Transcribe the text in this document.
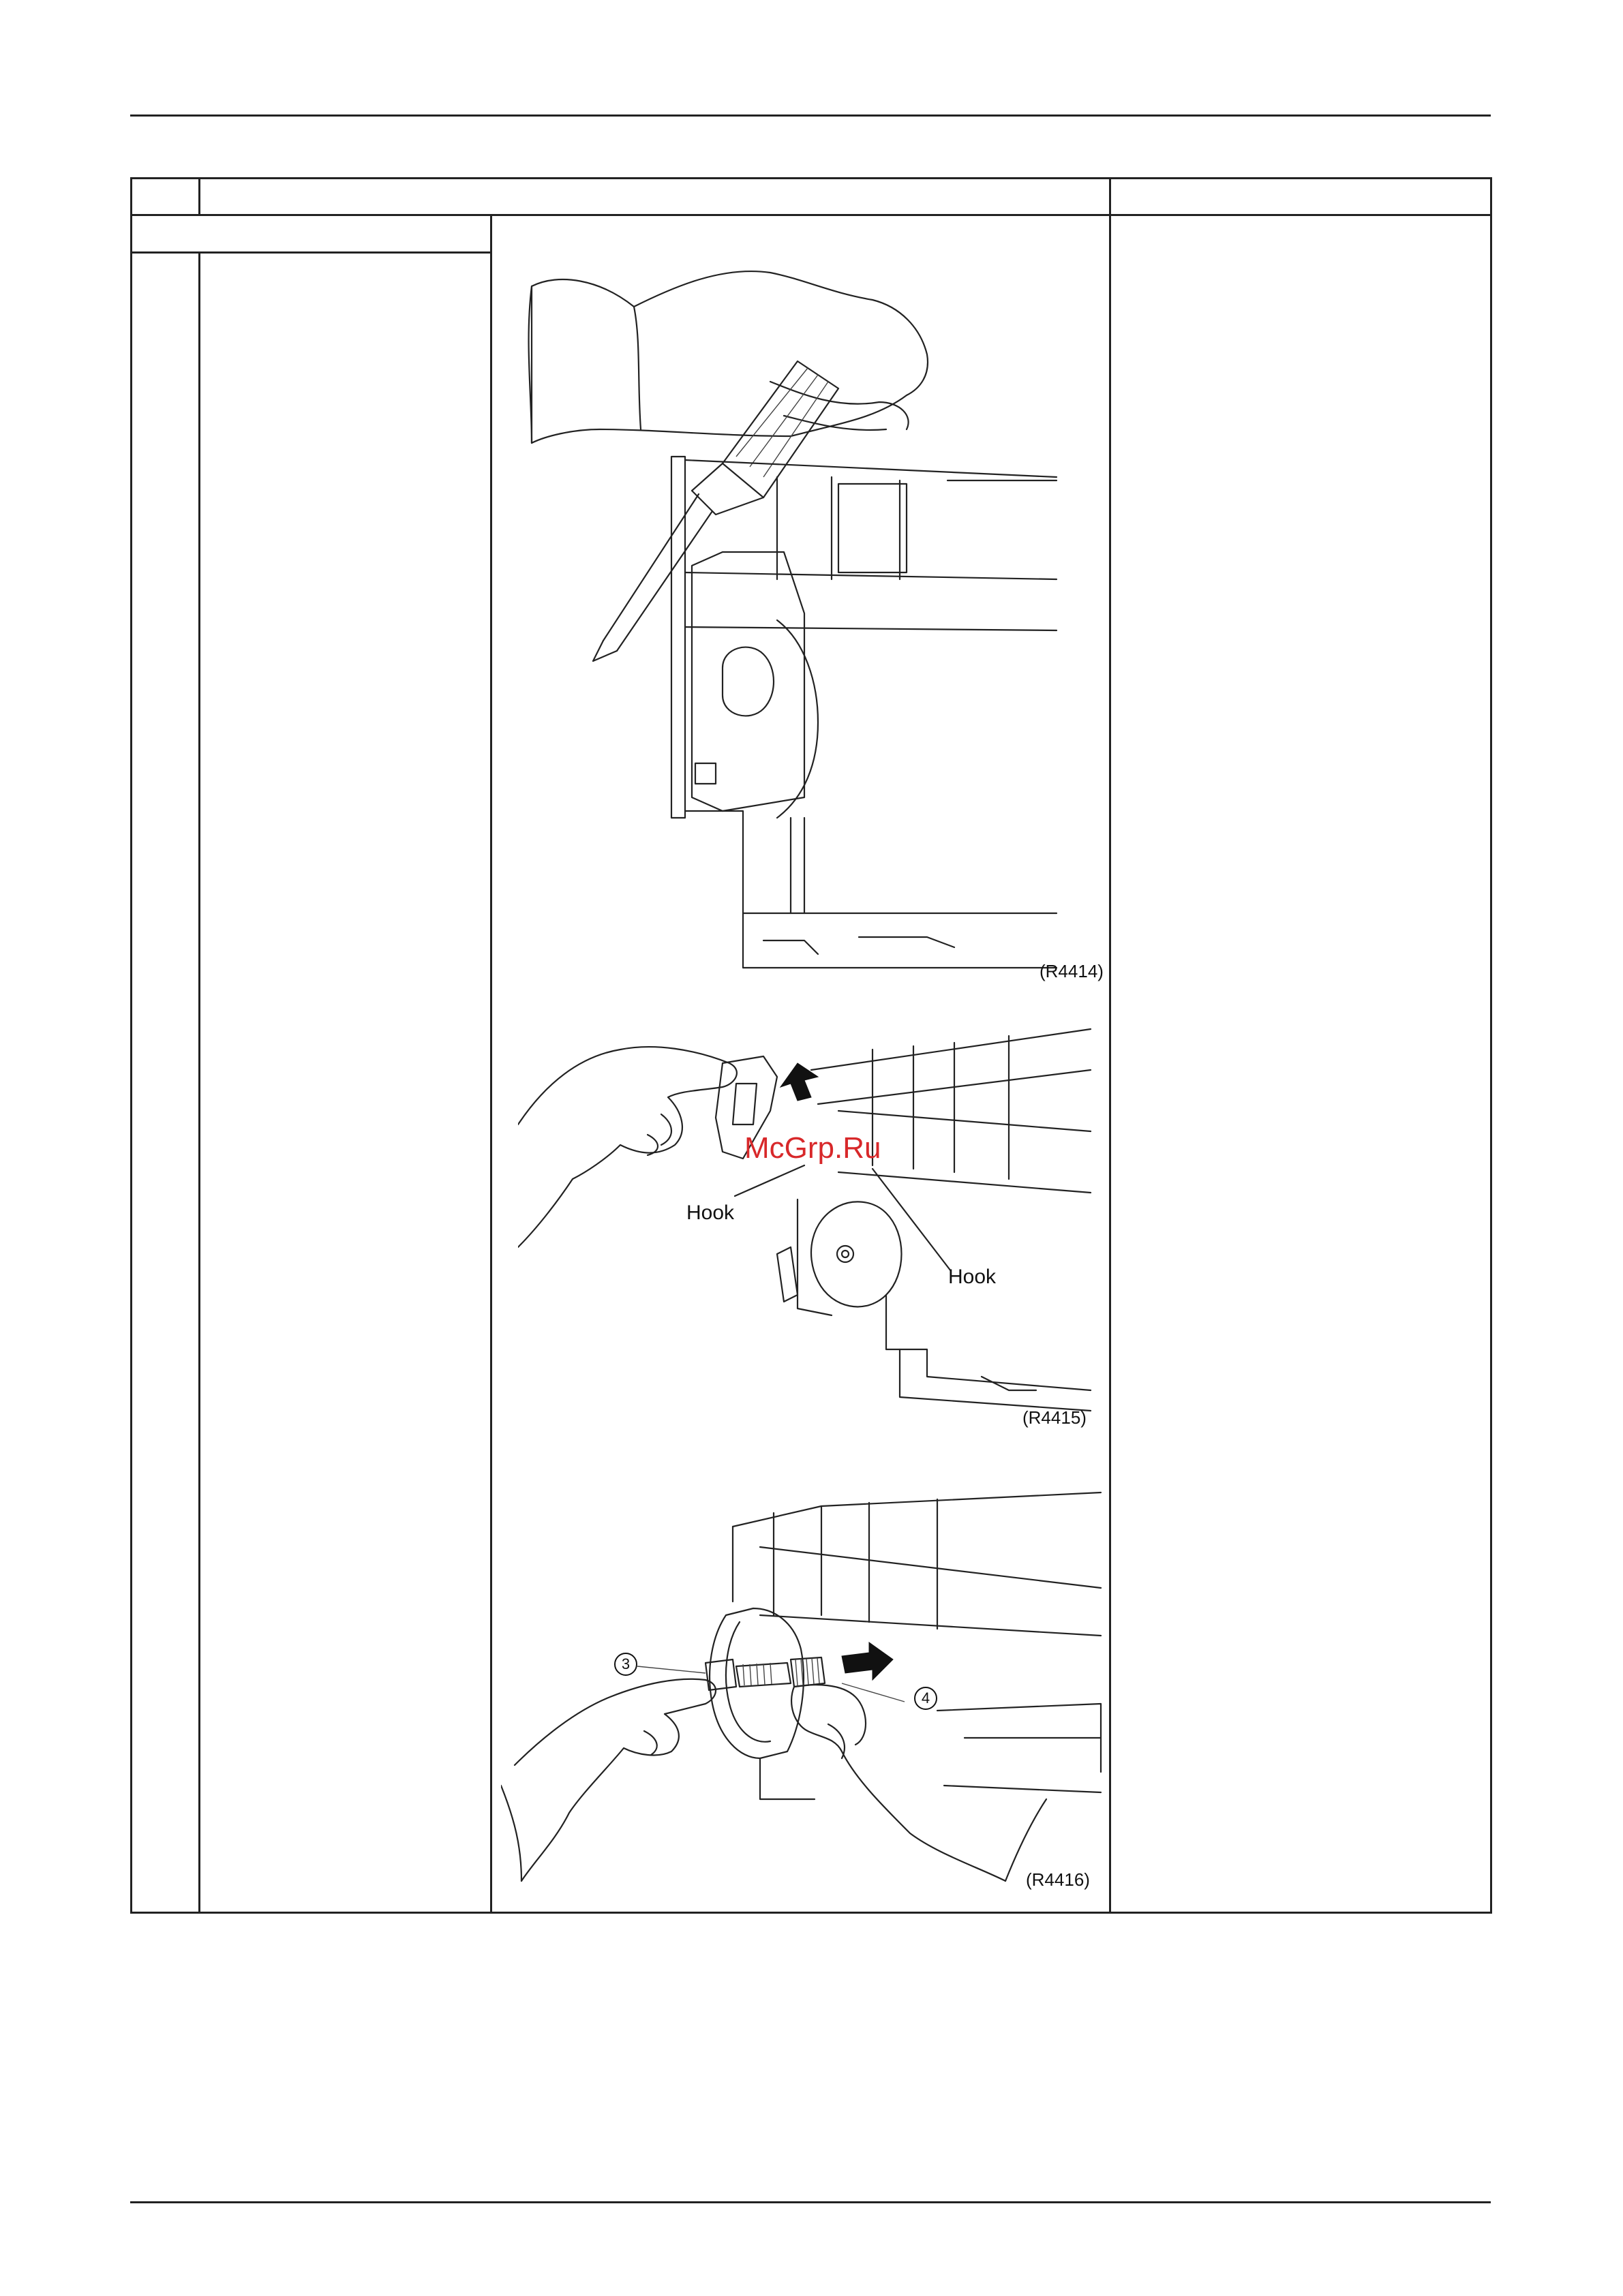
(R4414)
McGrp.Ru
Hook
Hook
(R4415)
3
4
(R4416)
